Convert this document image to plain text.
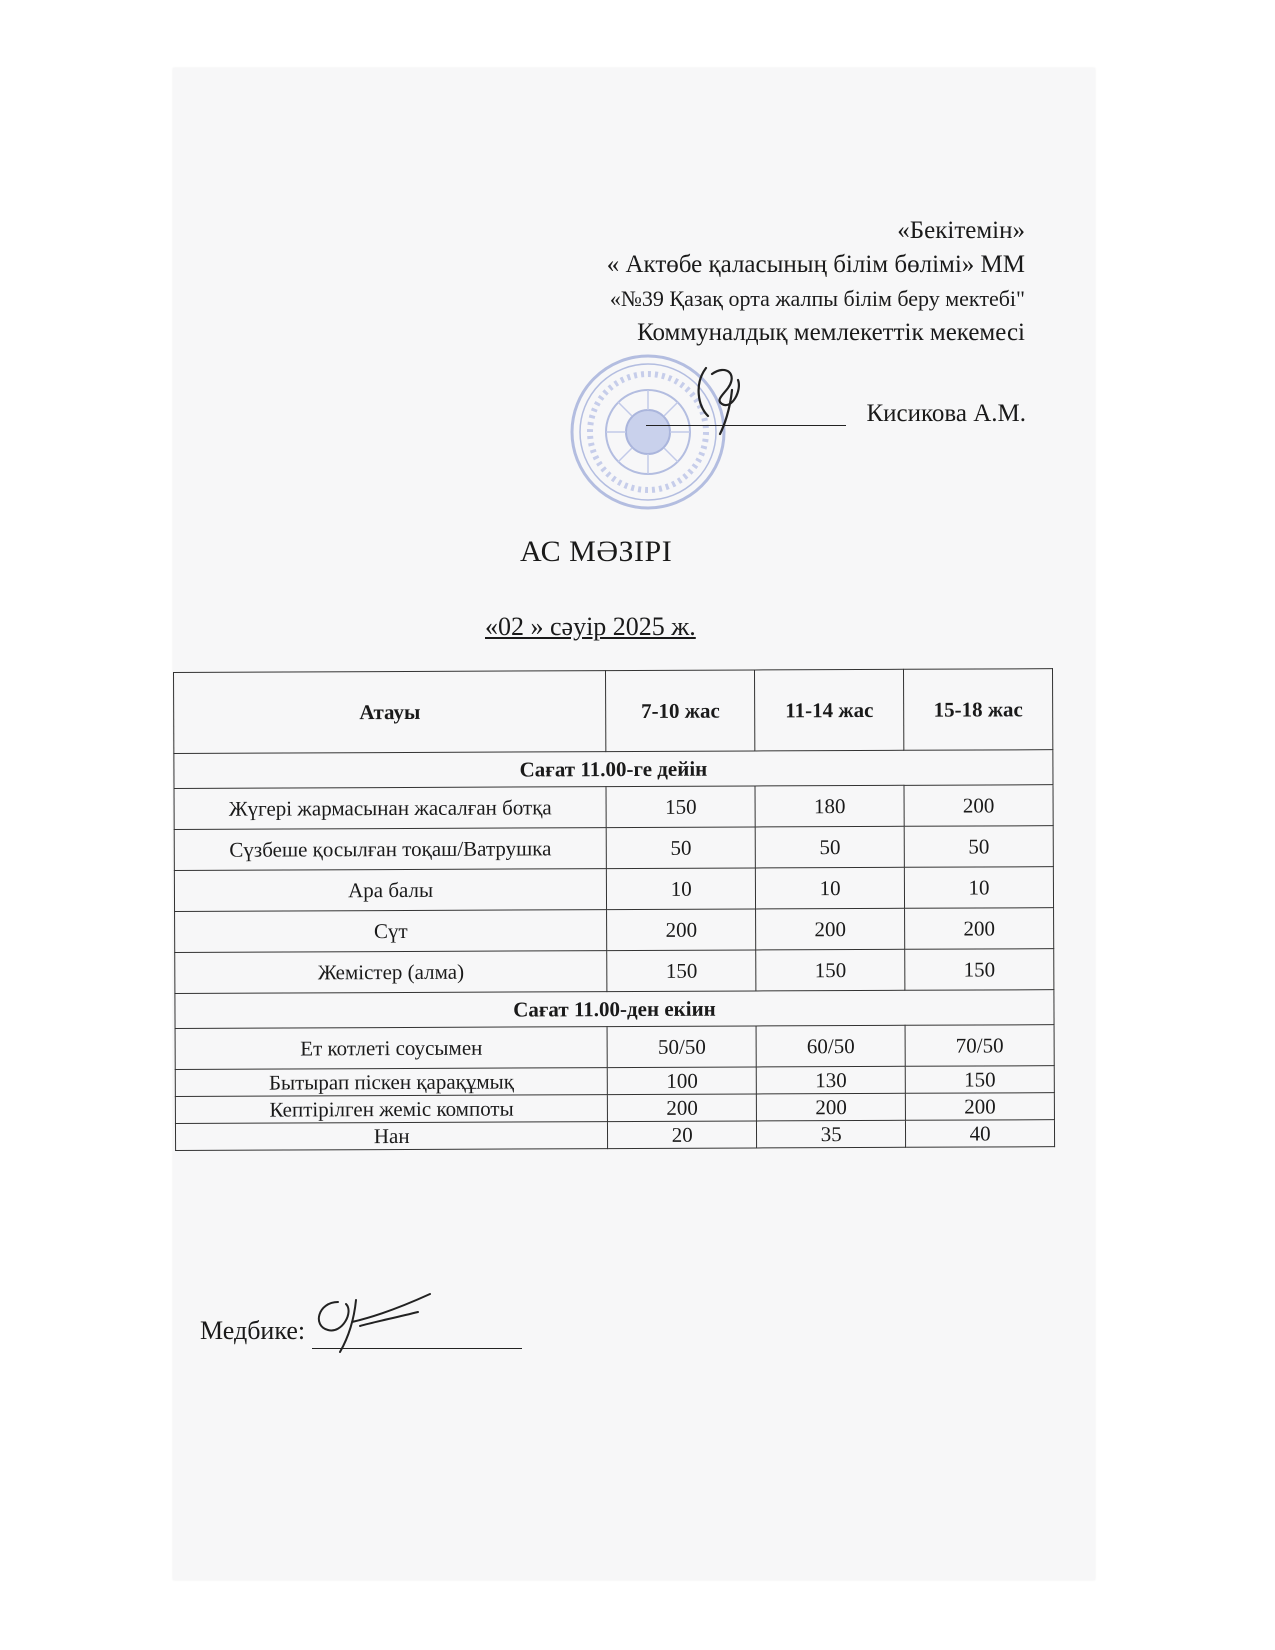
«Бекітемін»
« Актөбе қаласының білім бөлімі» ММ
«№39 Қазақ орта жалпы білім беру мектебі"
Коммуналдық мемлекеттік мекемесі
Кисикова А.М.
АС МӘЗІРІ
«02 » сәуір 2025 ж.
Атауы	7-10 жас	11-14 жас	15-18 жас
Сағат 11.00-ге дейін			
Жүгері жармасынан жасалған ботқа	150	180	200
Сүзбеше қосылған тоқаш/Ватрушка	50	50	50
Ара балы	10	10	10
Сүт	200	200	200
Жемістер (алма)	150	150	150
Сағат 11.00-ден екіин			
Ет котлеті соусымен	50/50	60/50	70/50
Бытырап піскен қарақұмық	100	130	150
Кептірілген жеміс компоты	200	200	200
Нан	20	35	40
Медбике:
